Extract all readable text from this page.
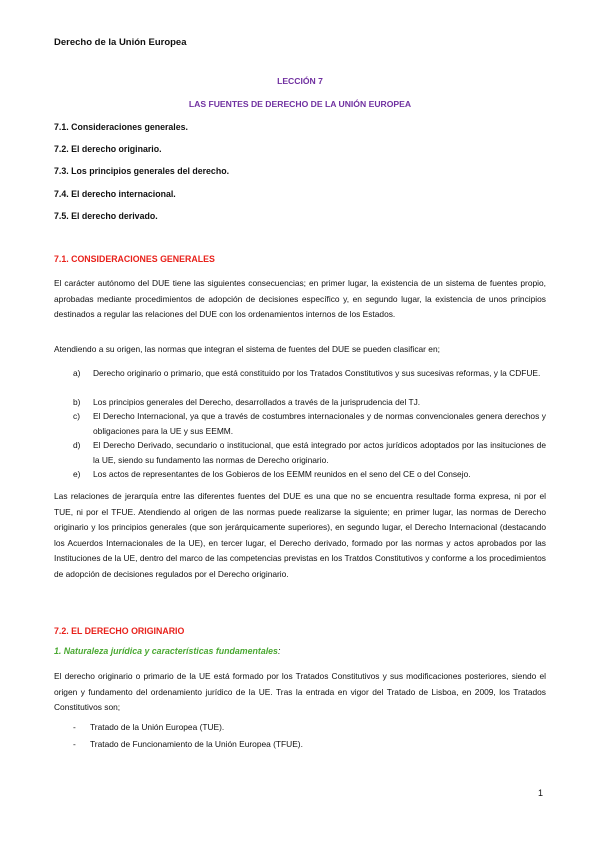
Derecho de la Unión Europea
LECCIÓN 7
LAS FUENTES DE DERECHO DE LA UNIÓN EUROPEA
7.1. Consideraciones generales.
7.2. El derecho originario.
7.3. Los principios generales del derecho.
7.4. El derecho internacional.
7.5. El derecho derivado.
7.1. CONSIDERACIONES GENERALES

El carácter autónomo del DUE tiene las siguientes consecuencias; en primer lugar, la existencia de un sistema de fuentes propio, aprobadas mediante procedimientos de adopción de decisiones específico y, en segundo lugar, la existencia de unos principios destinados a regular las relaciones del DUE con los ordenamientos internos de los Estados.

Atendiendo a su origen, las normas que integran el sistema de fuentes del DUE se pueden clasificar en;

a)	Derecho originario o primario, que está constituido por los Tratados Constitutivos y sus sucesivas reformas, y la CDFUE.
b)	Los principios generales del Derecho, desarrollados a través de la jurisprudencia del TJ.
c)	El Derecho Internacional, ya que a través de costumbres internacionales y de normas convencionales genera derechos y obligaciones para la UE y sus EEMM.
d)	El Derecho Derivado, secundario o institucional, que está integrado por actos jurídicos adoptados por las insituciones de la UE, siendo su fundamento las normas de Derecho originario.
e)	Los actos de representantes de los Gobieros de los EEMM reunidos en el seno del CE o del Consejo.

Las relaciones de jerarquía entre las diferentes fuentes del DUE es una que no se encuentra resultade forma expresa, ni por el TUE, ni por el TFUE. Atendiendo al origen de las normas puede realizarse la siguiente; en primer lugar, las normas de Derecho originario y los principios generales (que son jerárquicamente superiores), en segundo lugar, el Derecho Internacional (destacando los Acuerdos Internacionales de la UE), en tercer lugar, el Derecho derivado, formado por las normas y actos aprobados por las Instituciones de la UE, dentro del marco de las competencias previstas en los Tratdos Constitutivos y conforme a los procedimientos de adopción de decisiones regulados por el Derecho originario.

7.2. EL DERECHO ORIGINARIO
1. Naturaleza jurídica y características fundamentales:

El derecho originario o primario de la UE está formado por los Tratados Constitutivos y sus modificaciones posteriores, siendo el origen y fundamento del ordenamiento jurídico de la UE. Tras la entrada en vigor del Tratado de Lisboa, en 2009, los Tratados Constitutivos son;

-	Tratado de la Unión Europea (TUE).
-	Tratado de Funcionamiento de la Unión Europea (TFUE).
1
